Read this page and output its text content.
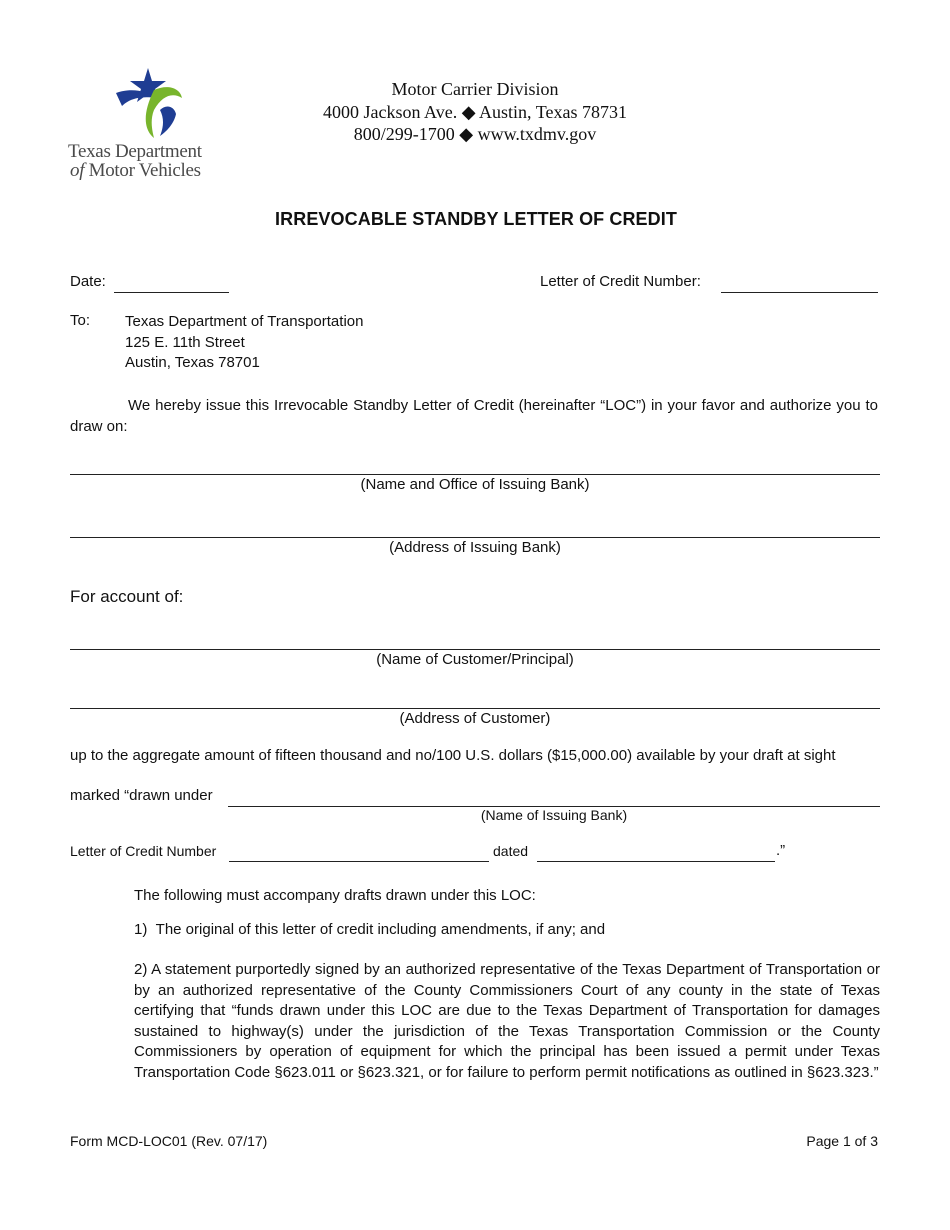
Texas Department
of Motor Vehicles
Motor Carrier Division
4000 Jackson Ave. ◆ Austin, Texas 78731
800/299-1700 ◆ www.txdmv.gov
IRREVOCABLE STANDBY LETTER OF CREDIT
Date:	Letter of Credit Number:
To: Texas Department of Transportation
125 E. 11th Street
Austin, Texas 78701
We hereby issue this Irrevocable Standby Letter of Credit (hereinafter “LOC”) in your favor and authorize you to draw on:
(Name and Office of Issuing Bank)
(Address of Issuing Bank)
For account of:
(Name of Customer/Principal)
(Address of Customer)
up to the aggregate amount of fifteen thousand and no/100 U.S. dollars ($15,000.00) available by your draft at sight
marked “drawn under
(Name of Issuing Bank)
Letter of Credit Number	dated	.”
The following must accompany drafts drawn under this LOC:
1)  The original of this letter of credit including amendments, if any; and
2) A statement purportedly signed by an authorized representative of the Texas Department of Transportation or by an authorized representative of the County Commissioners Court of any county in the state of Texas certifying that “funds drawn under this LOC are due to the Texas Department of Transportation for damages sustained to highway(s) under the jurisdiction of the Texas Transportation Commission or the County Commissioners by operation of equipment for which the principal has been issued a permit under Texas Transportation Code §623.011 or §623.321, or for failure to perform permit notifications as outlined in §623.323.”
Form MCD-LOC01 (Rev. 07/17)	Page 1 of 3
